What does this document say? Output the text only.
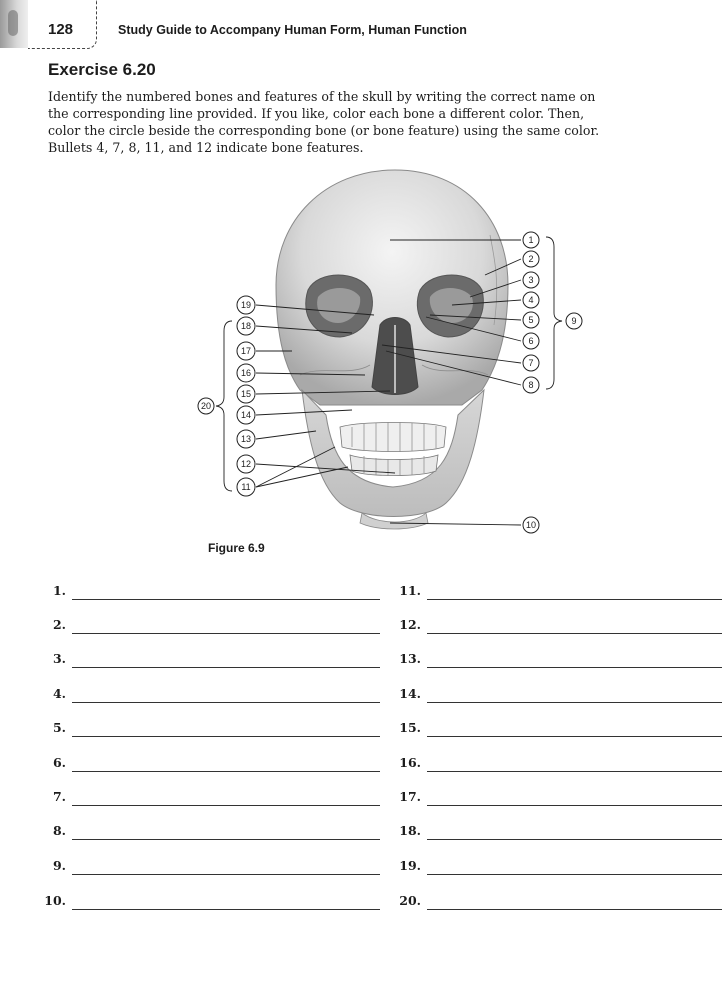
128	Study Guide to Accompany Human Form, Human Function
Exercise 6.20

Identify the numbered bones and features of the skull by writing the correct name on the corresponding line provided. If you like, color each bone a different color. Then, color the circle beside the corresponding bone (or bone feature) using the same color. Bullets 4, 7, 8, 11, and 12 indicate bone features.

1
2
3
4
5
6
7
8
9
10
11
12
13
14
15
16
17
18
19
20
Figure 6.9
1.
2.
3.
4.
5.
6.
7.
8.
9.
10.
11.
12.
13.
14.
15.
16.
17.
18.
19.
20.
